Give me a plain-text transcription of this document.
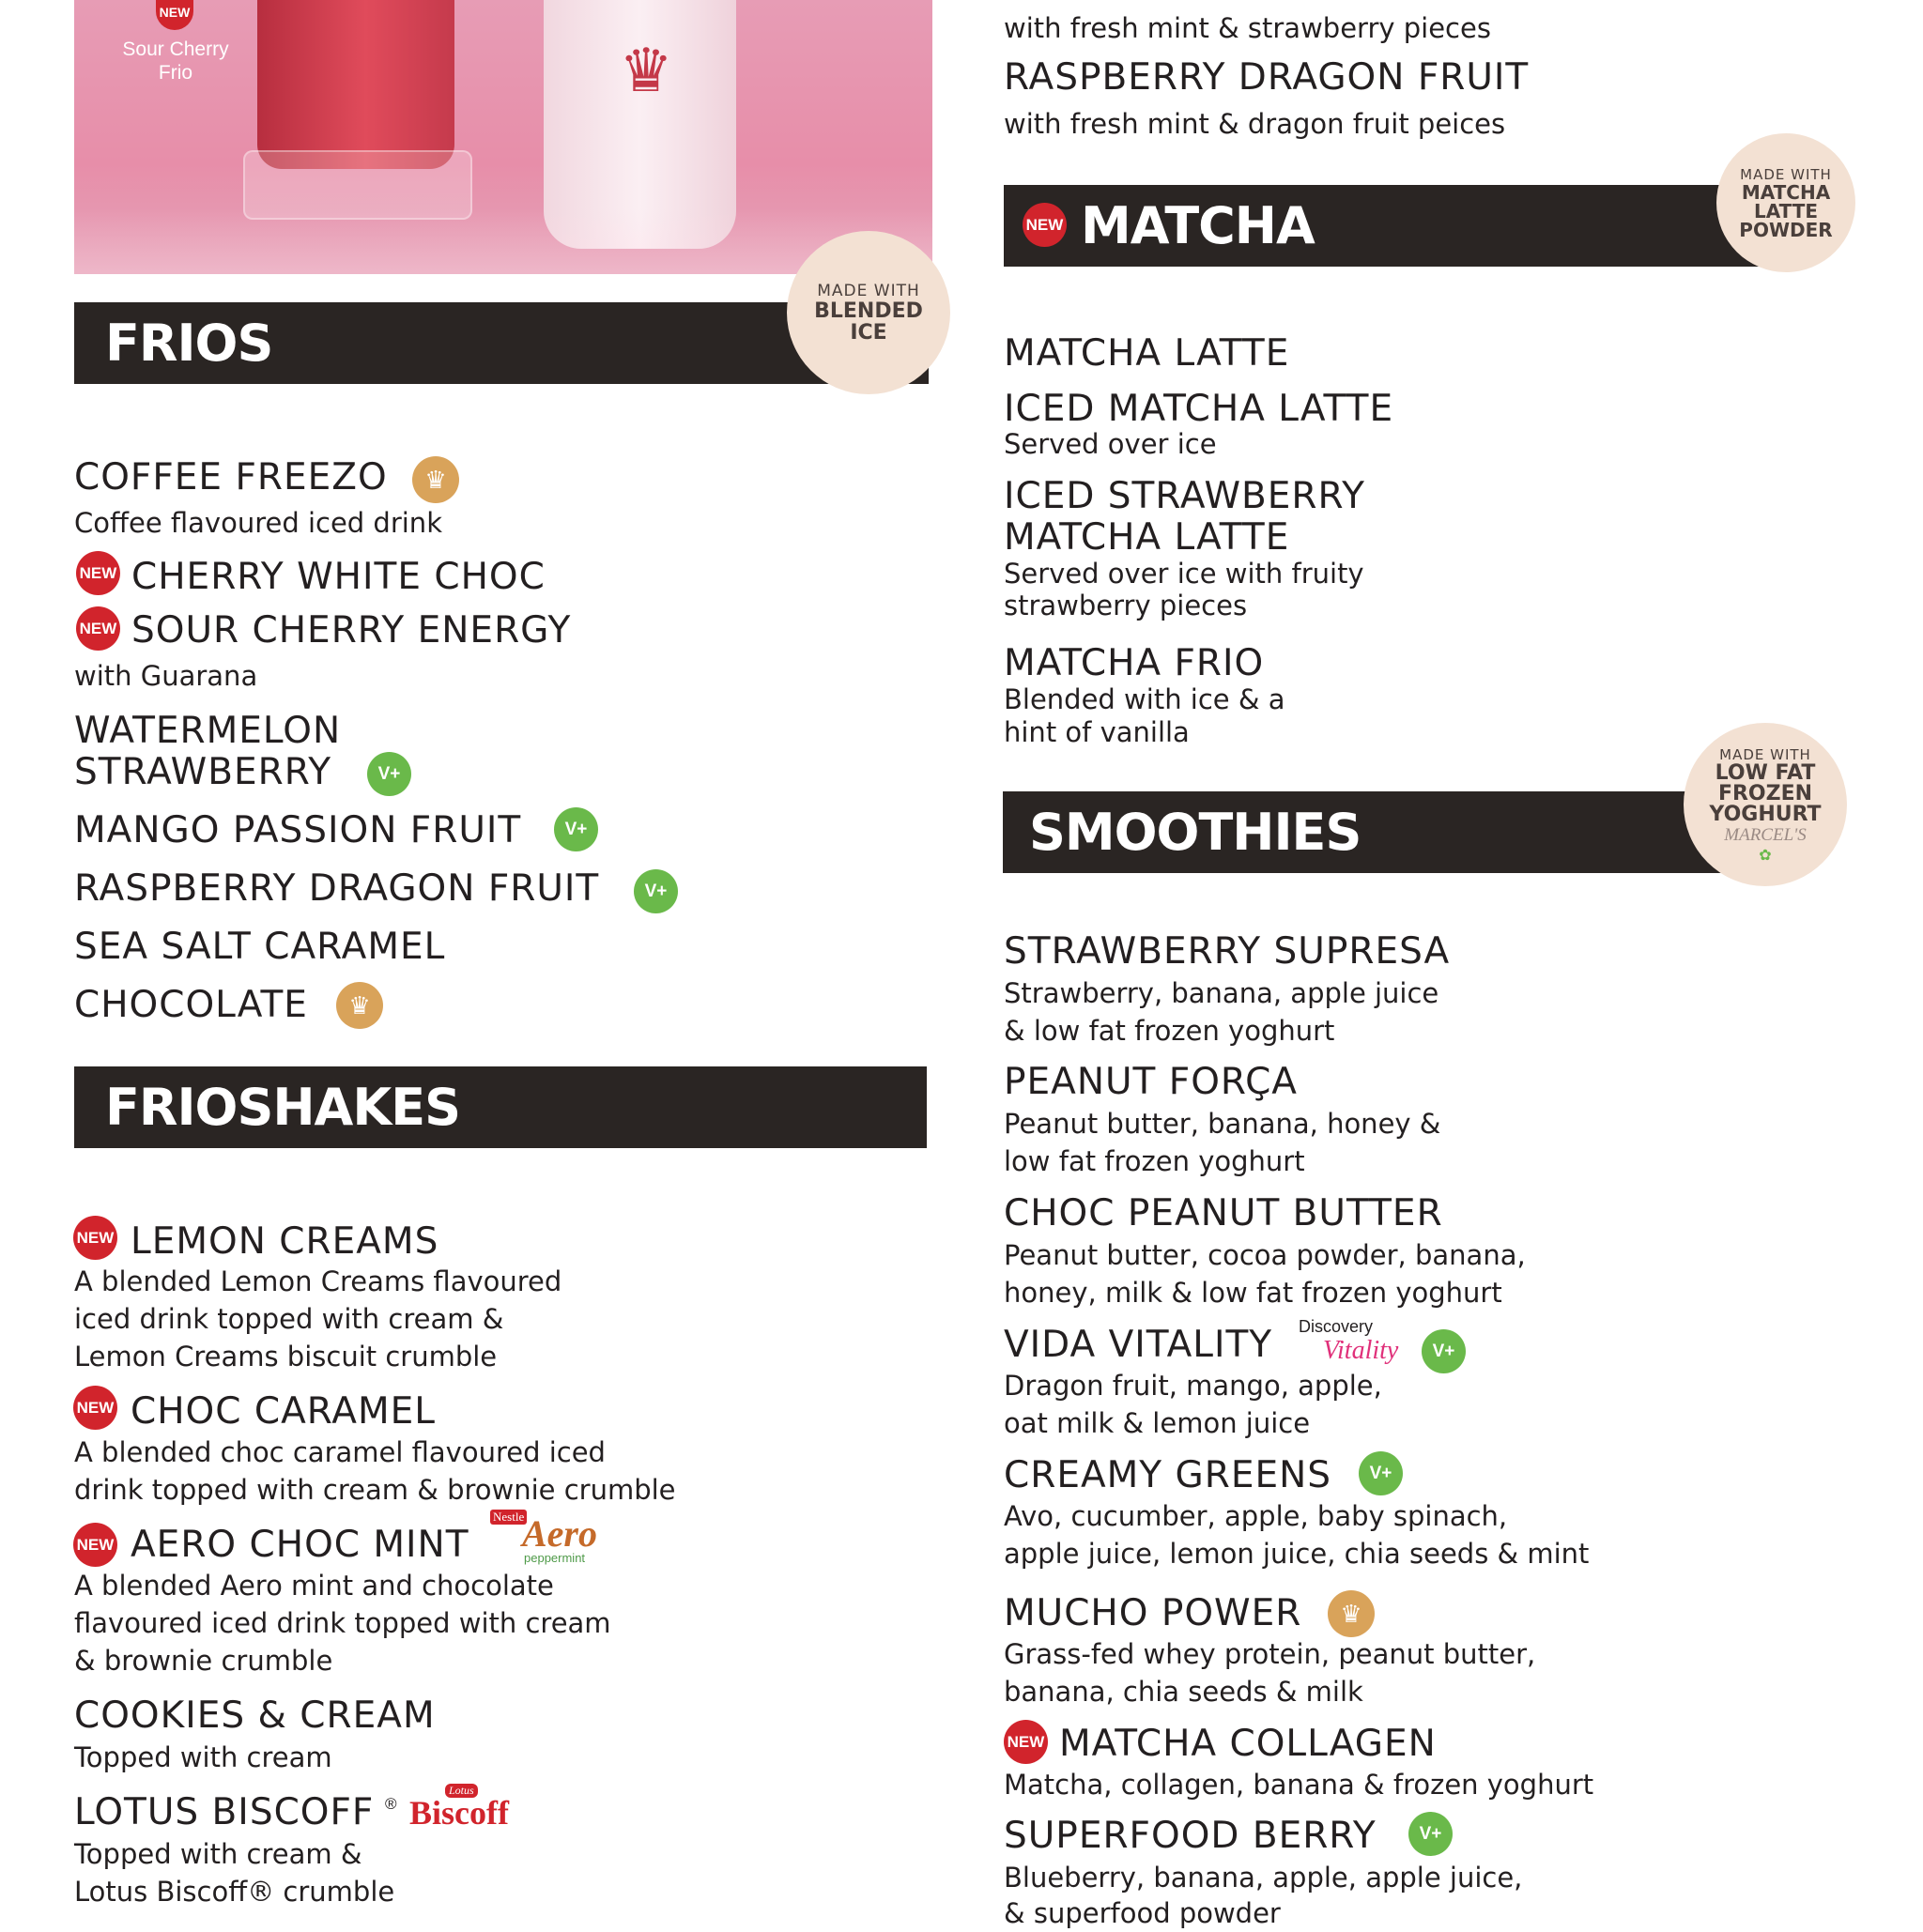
♛
NEW
Sour Cherry Frio
FRIOS
MADE WITH
BLENDED
ICE
COFFEE FREEZO	♛
Coffee flavoured iced drink
NEW CHERRY WHITE CHOC
NEW SOUR CHERRY ENERGY
with Guarana
WATERMELON
STRAWBERRY	V+
MANGO PASSION FRUIT	V+
RASPBERRY DRAGON FRUIT	V+
SEA SALT CARAMEL
CHOCOLATE	♛
FRIOSHAKES
NEW LEMON CREAMS
A blended Lemon Creams flavoured
iced drink topped with cream &
Lemon Creams biscuit crumble
NEW CHOC CARAMEL
A blended choc caramel flavoured iced
drink topped with cream & brownie crumble
NEW AERO CHOC MINT
Nestle
Aero
peppermint
A blended Aero mint and chocolate
flavoured iced drink topped with cream
& brownie crumble
COOKIES & CREAM
Topped with cream
LOTUS BISCOFF ®
Lotus
Biscoff
Topped with cream &
Lotus Biscoff® crumble
with fresh mint & strawberry pieces
RASPBERRY DRAGON FRUIT
with fresh mint & dragon fruit peices
MATCHA
NEW
MADE WITH
MATCHA
LATTE
POWDER
MATCHA LATTE
ICED MATCHA LATTE
Served over ice
ICED STRAWBERRY
MATCHA LATTE
Served over ice with fruity
strawberry pieces
MATCHA FRIO
Blended with ice & a
hint of vanilla
SMOOTHIES
MADE WITH
LOW FAT
FROZEN
YOGHURT
MARCEL'S
✿
STRAWBERRY SUPRESA
Strawberry, banana, apple juice
& low fat frozen yoghurt
PEANUT FORÇA
Peanut butter, banana, honey &
low fat frozen yoghurt
CHOC PEANUT BUTTER
Peanut butter, cocoa powder, banana,
honey, milk & low fat frozen yoghurt
VIDA VITALITY Discovery
Vitality	V+
Dragon fruit, mango, apple,
oat milk & lemon juice
CREAMY GREENS	V+
Avo, cucumber, apple, baby spinach,
apple juice, lemon juice, chia seeds & mint
MUCHO POWER	♛
Grass-fed whey protein, peanut butter,
banana, chia seeds & milk
NEW MATCHA COLLAGEN
Matcha, collagen, banana & frozen yoghurt
SUPERFOOD BERRY	V+
Blueberry, banana, apple, apple juice,
& superfood powder
